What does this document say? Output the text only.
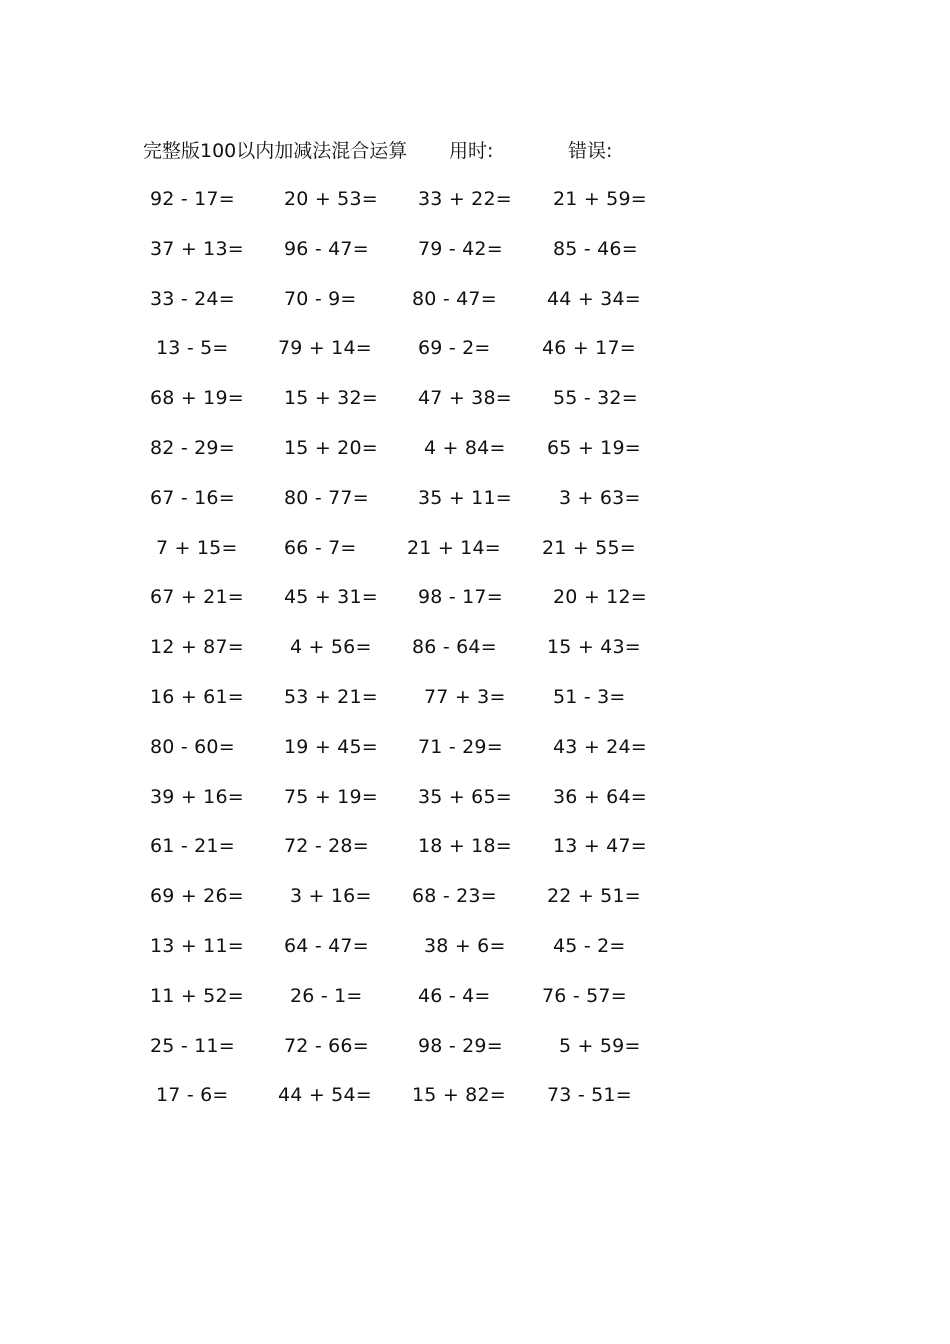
完整版100以内加减法混合运算 用时:	错误:
92 - 17=	20 + 53= 33 + 22= 21 + 59=
37 + 13= 96 - 47=	79 - 42=	85 - 46=
33 - 24=	70 - 9=	80 - 47=	44 + 34=
13 - 5=	79 + 14= 69 - 2=	46 + 17=
68 + 19= 15 + 32= 47 + 38= 55 - 32=
82 - 29=	15 + 20= 4 + 84= 65 + 19=
67 - 16=	80 - 77=	35 + 11= 3 + 63=
7 + 15= 66 - 7=	21 + 14= 21 + 55=
67 + 21= 45 + 31= 98 - 17=	20 + 12=
12 + 87= 4 + 56= 86 - 64=	15 + 43=
16 + 61= 53 + 21= 77 + 3= 51 - 3=
80 - 60=	19 + 45= 71 - 29=	43 + 24=
39 + 16= 75 + 19= 35 + 65= 36 + 64=
61 - 21=	72 - 28=	18 + 18= 13 + 47=
69 + 26= 3 + 16= 68 - 23=	22 + 51=
13 + 11= 64 - 47=	38 + 6= 45 - 2=
11 + 52= 26 - 1=	46 - 4=	76 - 57=
25 - 11=	72 - 66=	98 - 29=	5 + 59=
17 - 6=	44 + 54= 15 + 82= 73 - 51=
